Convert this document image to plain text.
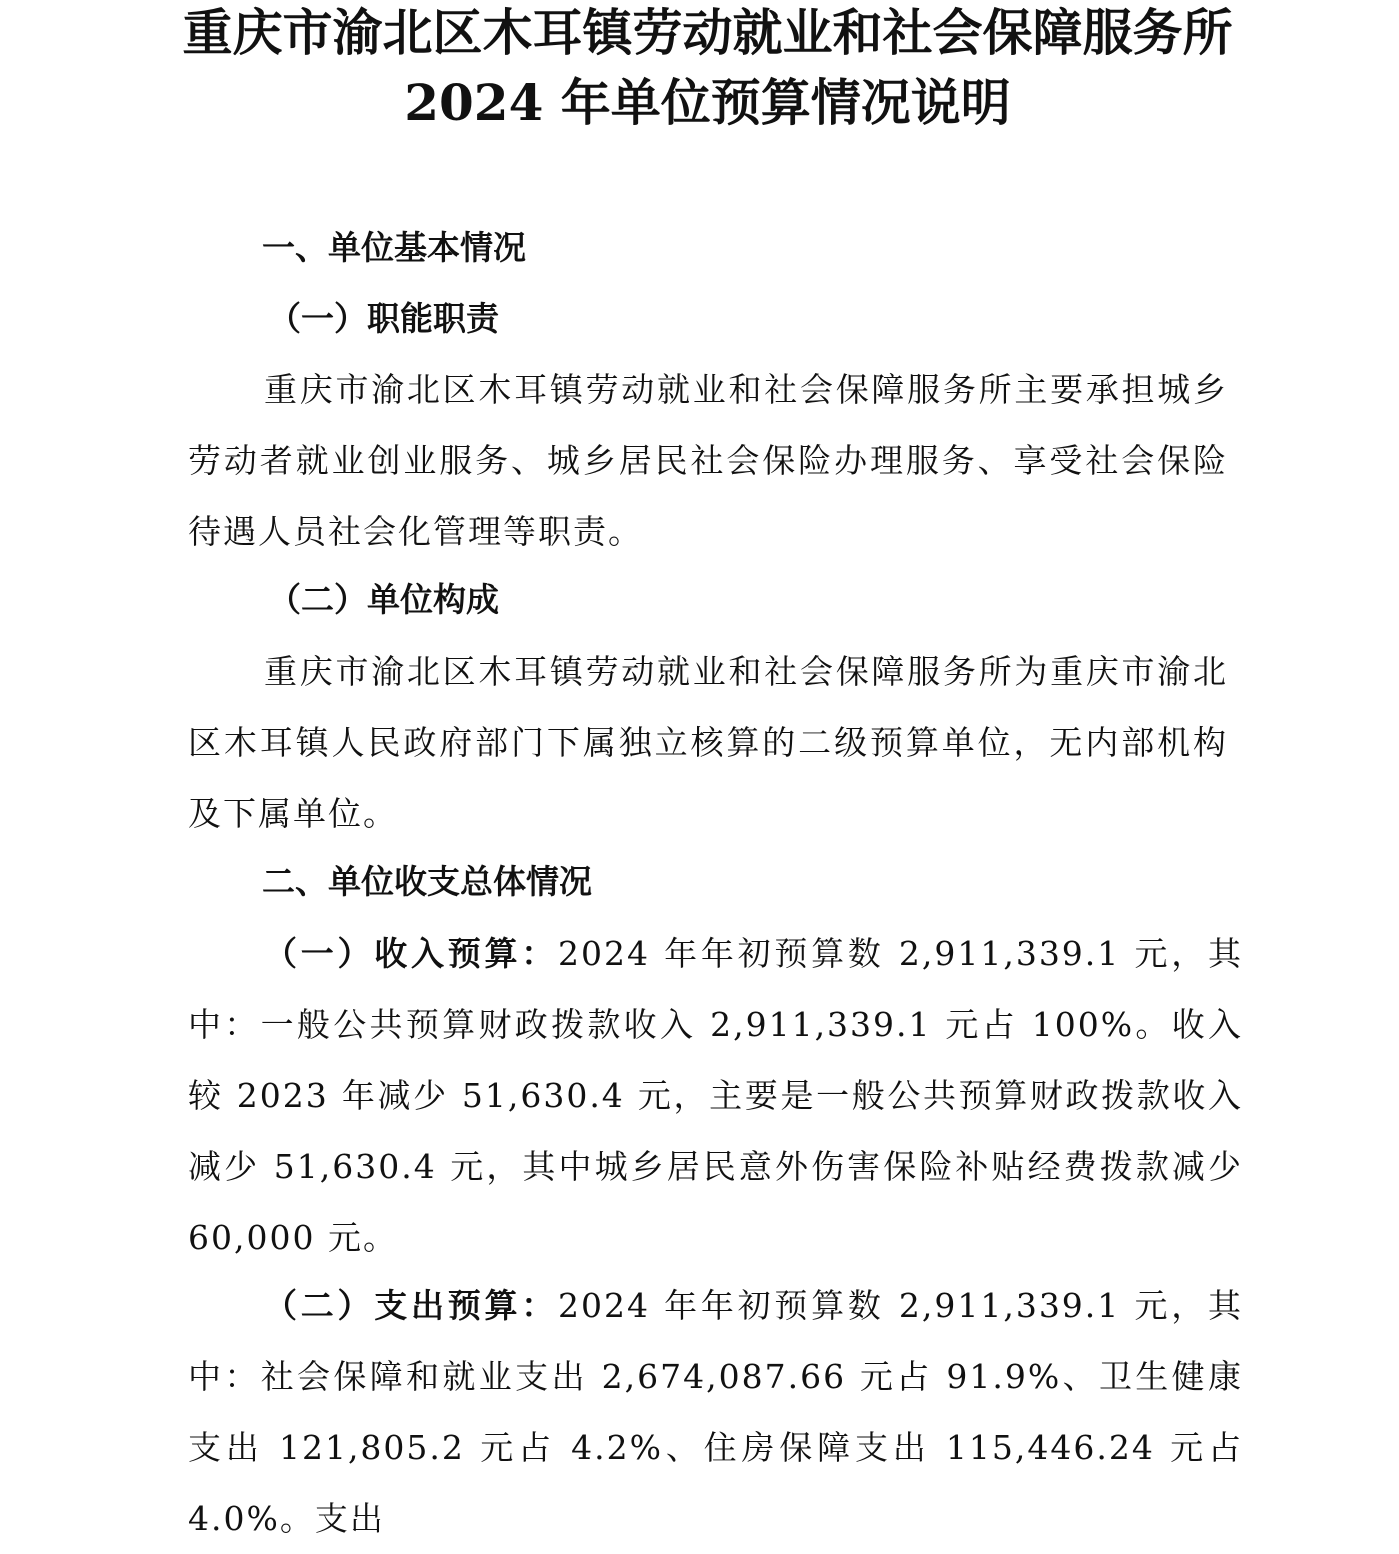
重庆市渝北区木耳镇劳动就业和社会保障服务所
2024 年单位预算情况说明
一、单位基本情况
（一）职能职责
重庆市渝北区木耳镇劳动就业和社会保障服务所主要承担城乡劳动者就业创业服务、城乡居民社会保险办理服务、享受社会保险待遇人员社会化管理等职责。
（二）单位构成
重庆市渝北区木耳镇劳动就业和社会保障服务所为重庆市渝北区木耳镇人民政府部门下属独立核算的二级预算单位，无内部机构及下属单位。
二、单位收支总体情况
（一）收入预算：2024 年年初预算数 2,911,339.1 元，其中：一般公共预算财政拨款收入 2,911,339.1 元占 100%。收入较 2023 年减少 51,630.4 元，主要是一般公共预算财政拨款收入减少 51,630.4 元，其中城乡居民意外伤害保险补贴经费拨款减少 60,000 元。
（二）支出预算：2024 年年初预算数 2,911,339.1 元，其中：社会保障和就业支出 2,674,087.66 元占 91.9%、卫生健康支出 121,805.2 元占 4.2%、住房保障支出 115,446.24 元占 4.0%。支出
